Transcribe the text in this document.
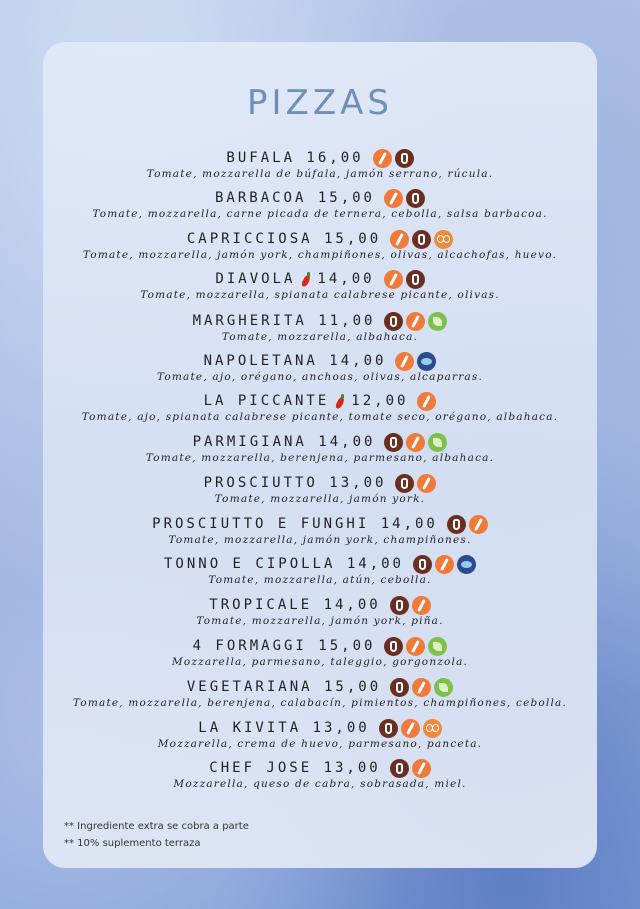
PIZZAS
BUFALA 16,00
Tomate, mozzarella de búfala, jamón serrano, rúcula.
BARBACOA 15,00
Tomate, mozzarella, carne picada de ternera, cebolla, salsa barbacoa.
CAPRICCIOSA 15,00
Tomate, mozzarella, jamón york, champiñones, olivas, alcachofas, huevo.
DIAVOLA 14,00
Tomate, mozzarella, spianata calabrese picante, olivas.
MARGHERITA 11,00
Tomate, mozzarella, albahaca.
NAPOLETANA 14,00
Tomate, ajo, orégano, anchoas, olivas, alcaparras.
LA PICCANTE 12,00
Tomate, ajo, spianata calabrese picante, tomate seco, orégano, albahaca.
PARMIGIANA 14,00
Tomate, mozzarella, berenjena, parmesano, albahaca.
PROSCIUTTO 13,00
Tomate, mozzarella, jamón york.
PROSCIUTTO E FUNGHI 14,00
Tomate, mozzarella, jamón york, champiñones.
TONNO E CIPOLLA 14,00
Tomate, mozzarella, atún, cebolla.
TROPICALE 14,00
Tomate, mozzarella, jamón york, piña.
4 FORMAGGI 15,00
Mozzarella, parmesano, taleggio, gorgonzola.
VEGETARIANA 15,00
Tomate, mozzarella, berenjena, calabacín, pimientos, champiñones, cebolla.
LA KIVITA 13,00
Mozzarella, crema de huevo, parmesano, panceta.
CHEF JOSE 13,00
Mozzarella, queso de cabra, sobrasada, miel.
** Ingrediente extra se cobra a parte
** 10% suplemento terraza
